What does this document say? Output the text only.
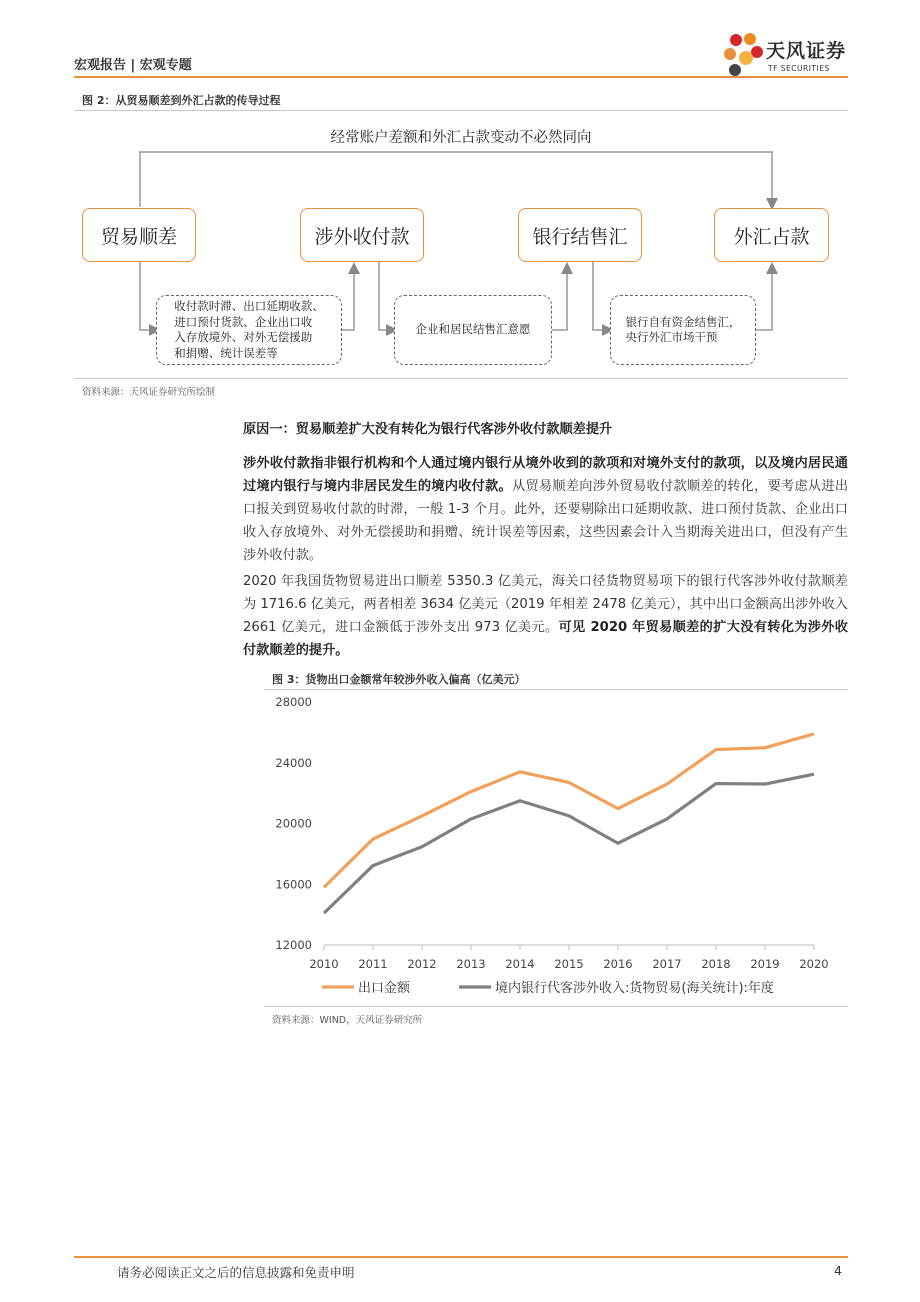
宏观报告 | 宏观专题
天风证券
TF SECURITIES
图 2：从贸易顺差到外汇占款的传导过程
经常账户差额和外汇占款变动不必然同向
贸易顺差	涉外收付款	银行结售汇	外汇占款
收付款时滞、出口延期收款、
进口预付货款、企业出口收
入存放境外、对外无偿援助
和捐赠、统计误差等
企业和居民结售汇意愿
银行自有资金结售汇，
央行外汇市场干预
资料来源：天风证券研究所绘制
原因一：贸易顺差扩大没有转化为银行代客涉外收付款顺差提升
涉外收付款指非银行机构和个人通过境内银行从境外收到的款项和对境外支付的款项，以及境内居民通过境内银行与境内非居民发生的境内收付款。从贸易顺差向涉外贸易收付款顺差的转化，要考虑从进出口报关到贸易收付款的时滞，一般 1-3 个月。此外，还要剔除出口延期收款、进口预付货款、企业出口收入存放境外、对外无偿援助和捐赠、统计误差等因素，这些因素会计入当期海关进出口，但没有产生涉外收付款。
2020 年我国货物贸易进出口顺差 5350.3 亿美元，海关口径货物贸易项下的银行代客涉外收付款顺差为 1716.6 亿美元，两者相差 3634 亿美元（2019 年相差 2478 亿美元），其中出口金额高出涉外收入 2661 亿美元，进口金额低于涉外支出 973 亿美元。可见 2020 年贸易顺差的扩大没有转化为涉外收付款顺差的提升。
图 3：货物出口金额常年较涉外收入偏高（亿美元）
28000
24000
20000
16000
12000
2010 2011 2012 2013 2014 2015 2016 2017 2018 2019 2020
出口金额	境内银行代客涉外收入:货物贸易(海关统计):年度
资料来源：WIND，天风证券研究所
请务必阅读正文之后的信息披露和免责申明	4
